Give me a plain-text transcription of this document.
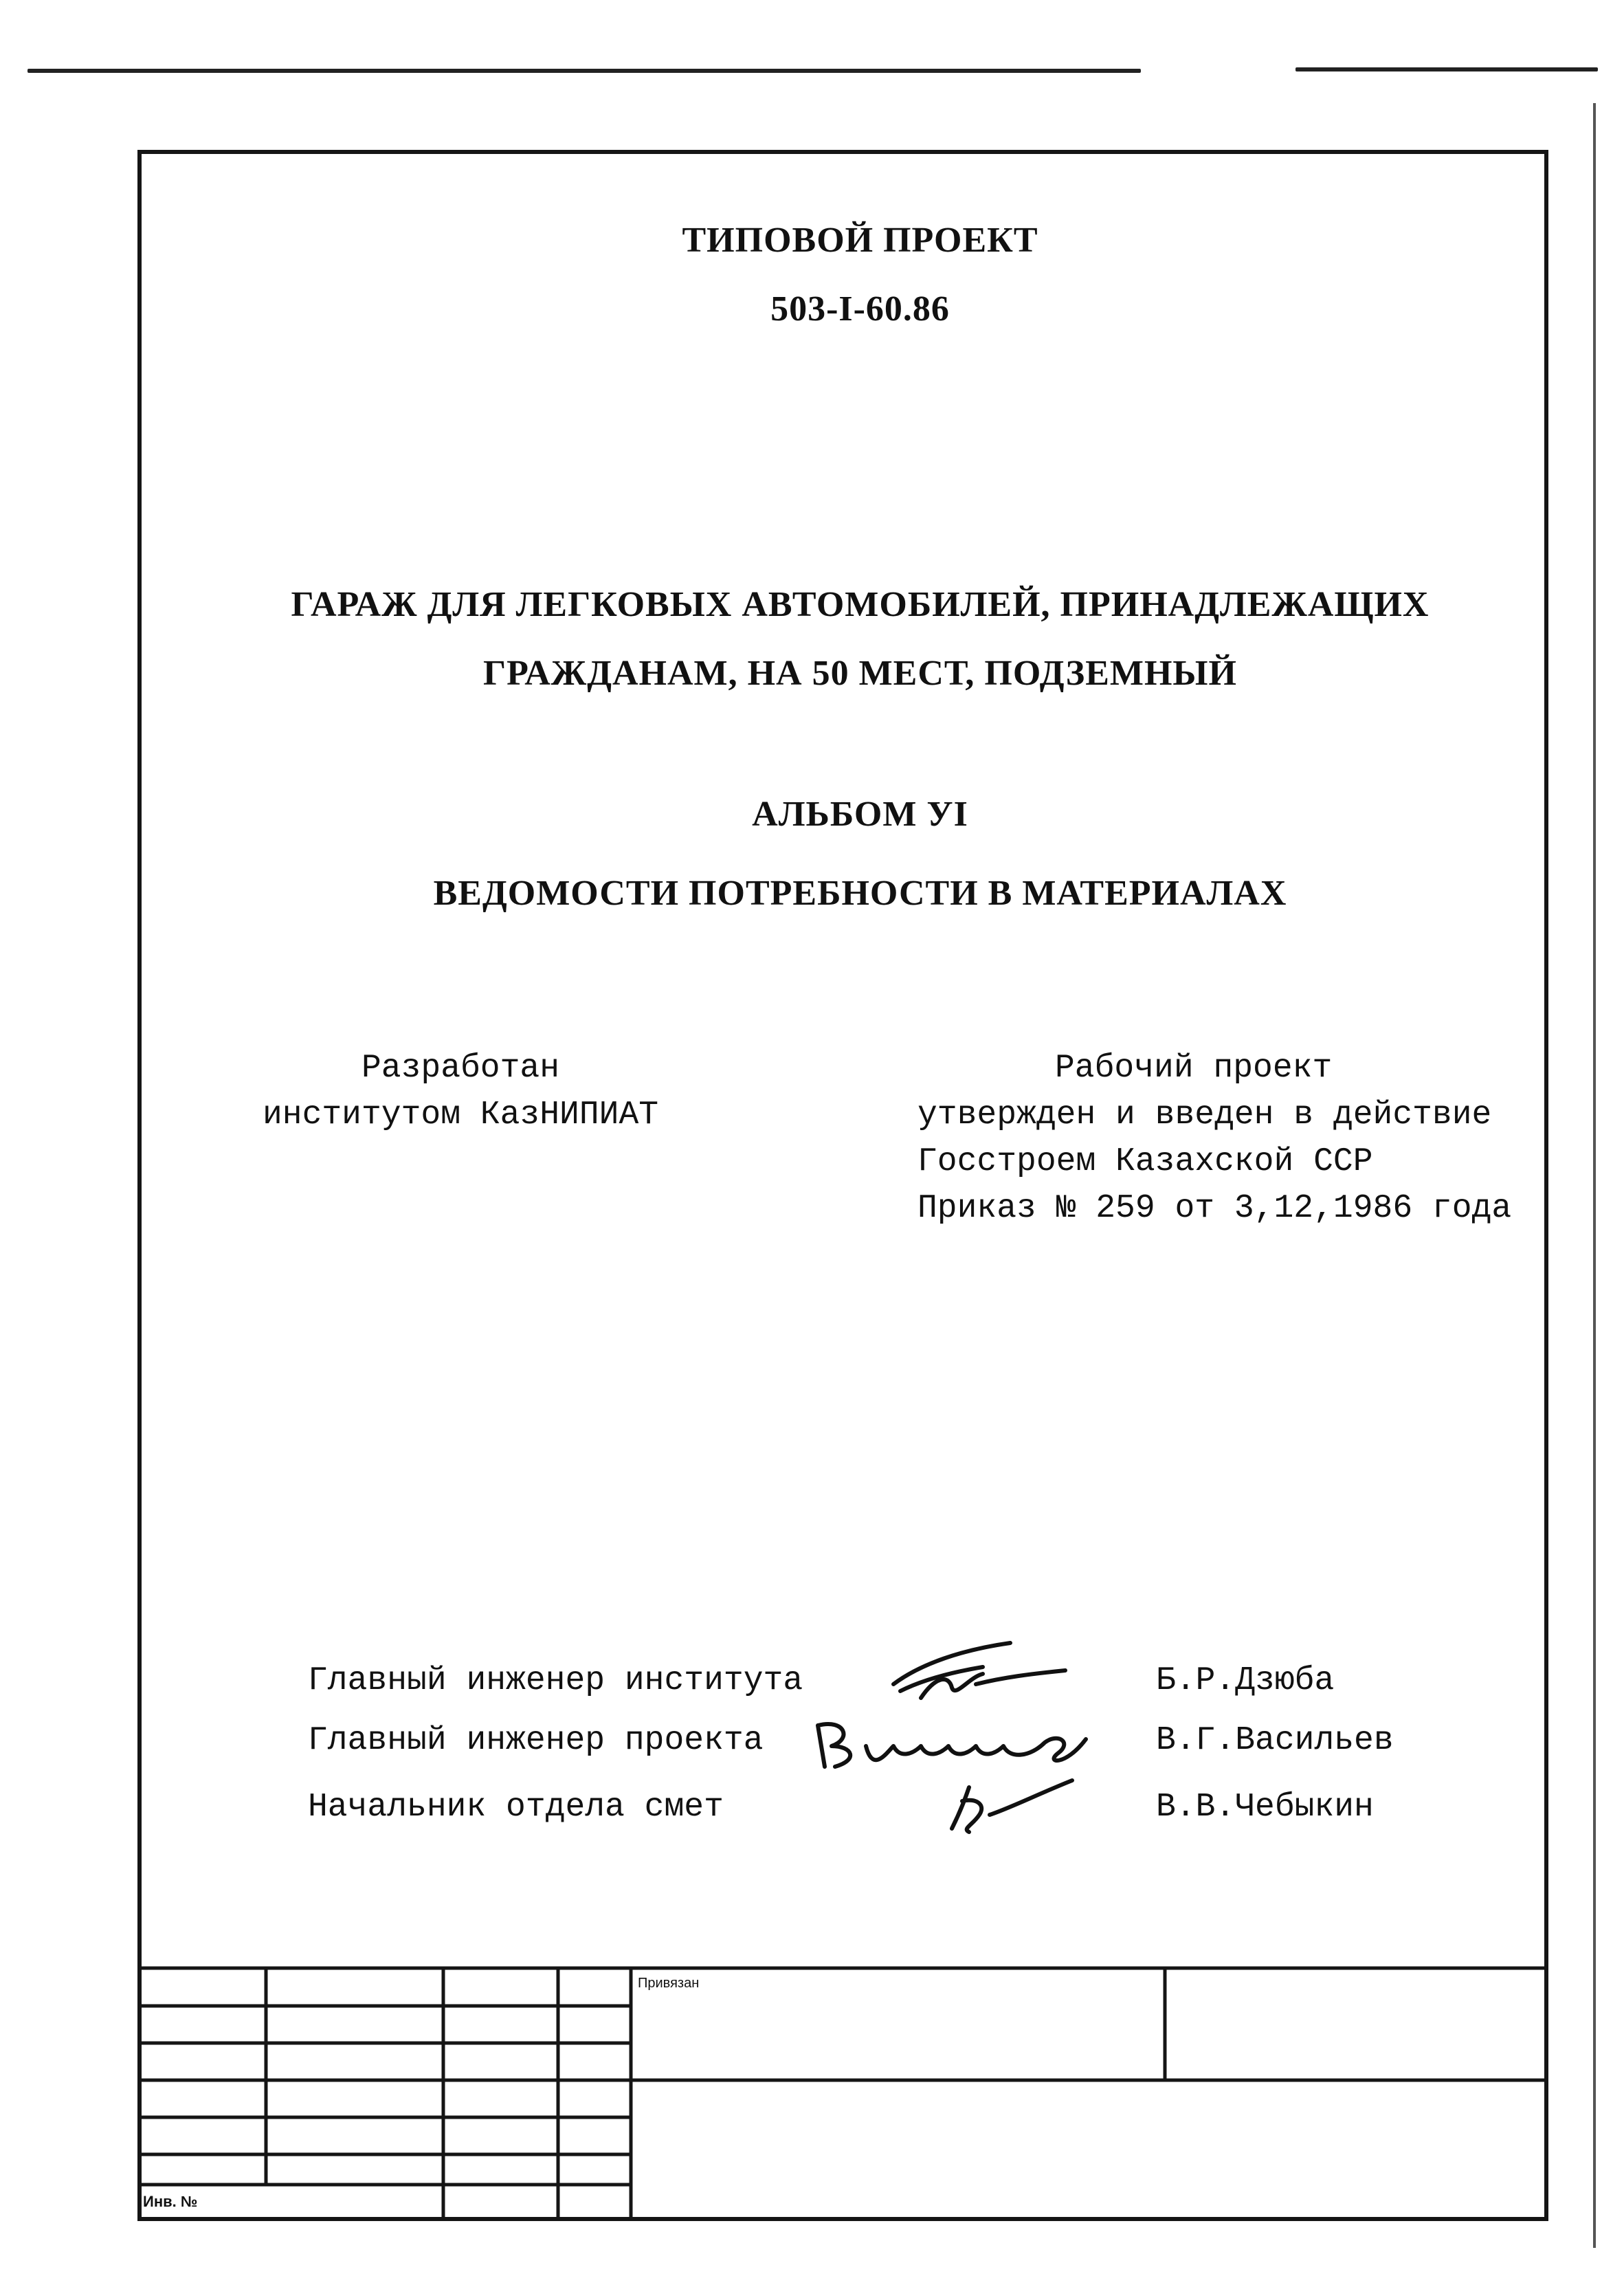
ТИПОВОЙ ПРОЕКТ
503-I-60.86
ГАРАЖ ДЛЯ ЛЕГКОВЫХ АВТОМОБИЛЕЙ, ПРИНАДЛЕЖАЩИХ
ГРАЖДАНАМ, НА 50 МЕСТ, ПОДЗЕМНЫЙ
АЛЬБОМ УI
ВЕДОМОСТИ ПОТРЕБНОСТИ В МАТЕРИАЛАХ
Разработан
институтом КазНИПИАТ
Рабочий проект
утвержден и введен в действие
Госстроем Казахской ССР
Приказ № 259 от 3,12,1986 года
Главный инженер института	Б.Р.Дзюба
Главный инженер проекта	В.Г.Васильев
Начальник отдела смет	В.В.Чебыкин
Привязан
Инв. №
